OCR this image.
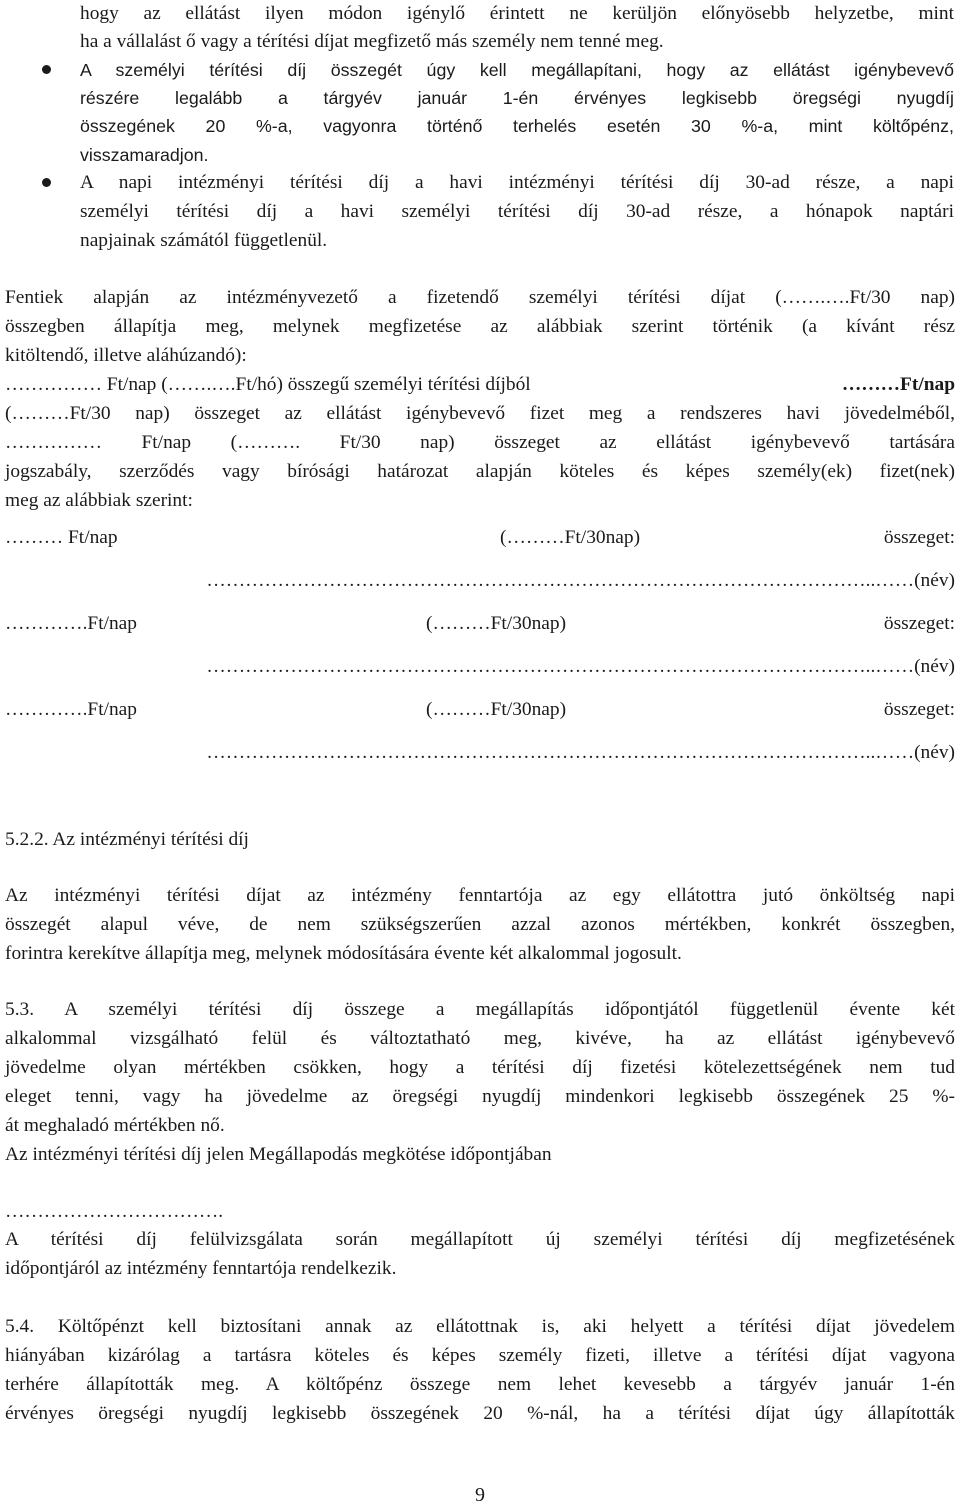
hogy az ellátást ilyen módon igénylő érintett ne kerüljön előnyösebb helyzetbe, mint
ha a vállalást ő vagy a térítési díjat megfizető más személy nem tenné meg.
A személyi térítési díj összegét úgy kell megállapítani, hogy az ellátást igénybevevő
részére legalább a tárgyév január 1-én érvényes legkisebb öregségi nyugdíj
összegének 20 %-a, vagyonra történő terhelés esetén 30 %-a, mint költőpénz,
visszamaradjon.
A napi intézményi térítési díj a havi intézményi térítési díj 30-ad része, a napi
személyi térítési díj a havi személyi térítési díj 30-ad része, a hónapok naptári
napjainak számától függetlenül.
Fentiek alapján az intézményvezető a fizetendő személyi térítési díjat (…….….Ft/30 nap)
összegben állapítja meg, melynek megfizetése az alábbiak szerint történik (a kívánt rész
kitöltendő, illetve aláhúzandó):
…………… Ft/nap (…….….Ft/hó) összegű személyi térítési díjból	………Ft/nap
(………Ft/30 nap) összeget az ellátást igénybevevő fizet meg a rendszeres havi jövedelméből,
…………… Ft/nap (………. Ft/30 nap) összeget az ellátást igénybevevő tartására
jogszabály, szerződés vagy bírósági határozat alapján köteles és képes személy(ek) fizet(nek)
meg az alábbiak szerint:
……… Ft/nap	(………Ft/30nap)	összeget:
…………………………………………………………………………………………..……(név)
………….Ft/nap	(………Ft/30nap)	összeget:
…………………………………………………………………………………………..……(név)
………….Ft/nap	(………Ft/30nap)	összeget:
…………………………………………………………………………………………..……(név)
5.2.2. Az intézményi térítési díj
Az intézményi térítési díjat az intézmény fenntartója az egy ellátottra jutó önköltség napi
összegét alapul véve, de nem szükségszerűen azzal azonos mértékben, konkrét összegben,
forintra kerekítve állapítja meg, melynek módosítására évente két alkalommal jogosult.
5.3. A személyi térítési díj összege a megállapítás időpontjától függetlenül évente két
alkalommal vizsgálható felül és változtatható meg, kivéve, ha az ellátást igénybevevő
jövedelme olyan mértékben csökken, hogy a térítési díj fizetési kötelezettségének nem tud
eleget tenni, vagy ha jövedelme az öregségi nyugdíj mindenkori legkisebb összegének 25 %-
át meghaladó mértékben nő.
Az intézményi térítési díj jelen Megállapodás megkötése időpontjában
…………………………….
A térítési díj felülvizsgálata során megállapított új személyi térítési díj megfizetésének
időpontjáról az intézmény fenntartója rendelkezik.
5.4. Költőpénzt kell biztosítani annak az ellátottnak is, aki helyett a térítési díjat jövedelem
hiányában kizárólag a tartásra köteles és képes személy fizeti, illetve a térítési díjat vagyona
terhére állapították meg. A költőpénz összege nem lehet kevesebb a tárgyév január 1-én
érvényes öregségi nyugdíj legkisebb összegének 20 %-nál, ha a térítési díjat úgy állapították
9
